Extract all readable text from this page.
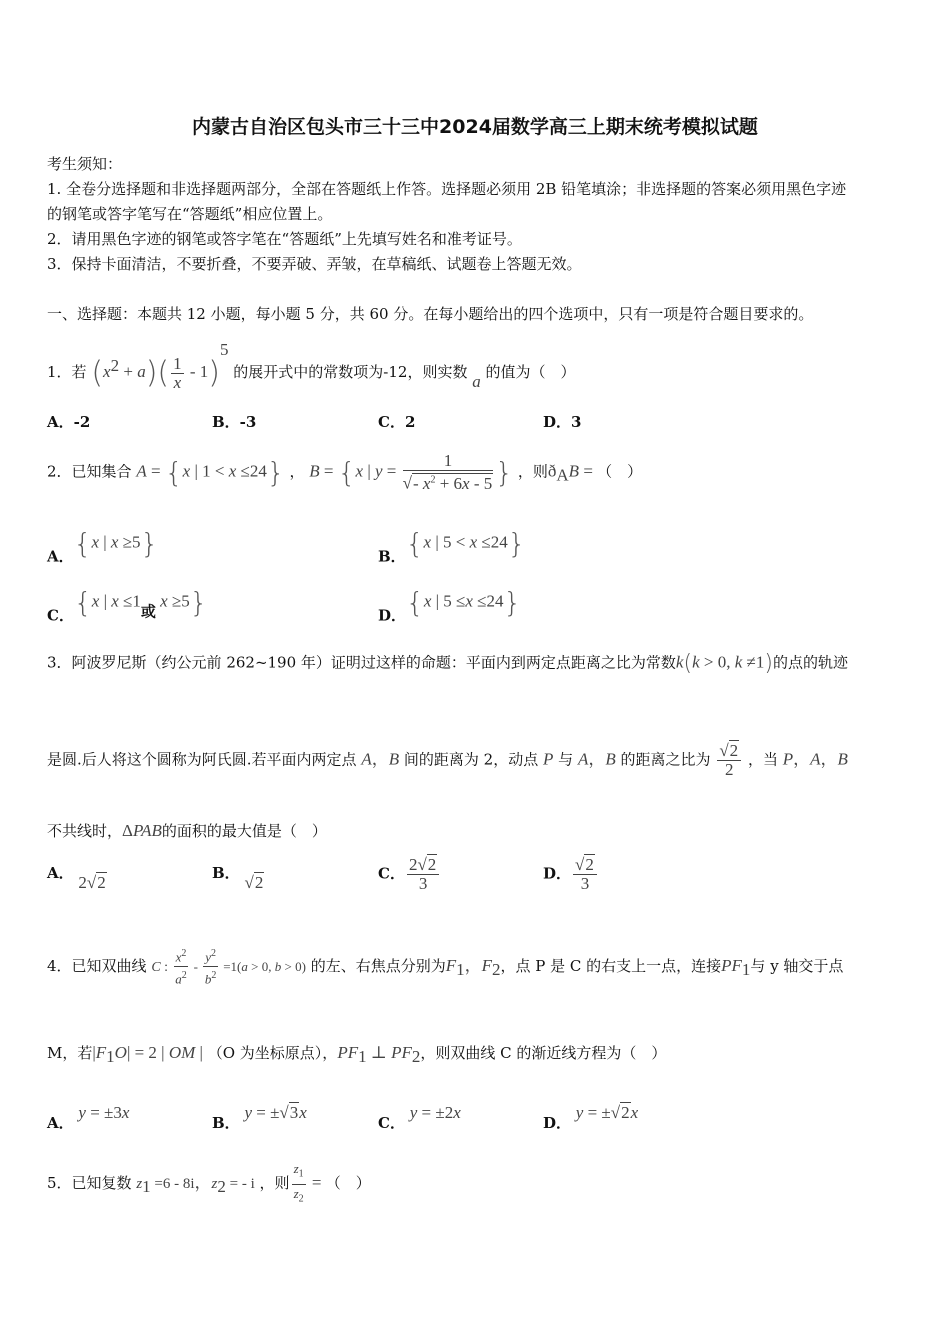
内蒙古自治区包头市三十三中2024届数学高三上期末统考模拟试题
考生须知：
1. 全卷分选择题和非选择题两部分，全部在答题纸上作答。选择题必须用 2B 铅笔填涂；非选择题的答案必须用黑色字迹
的钢笔或答字笔写在“答题纸”相应位置上。
2．请用黑色字迹的钢笔或答字笔在“答题纸”上先填写姓名和准考证号。
3．保持卡面清洁，不要折叠，不要弄破、弄皱，在草稿纸、试题卷上答题无效。
一、选择题：本题共 12 小题，每小题 5 分，共 60 分。在每小题给出的四个选项中，只有一项是符合题目要求的。
1．若 $(x^2 + a)( \frac{1}{x} - 1)^5$ 的展开式中的常数项为-12，则实数 a 的值为（　）
A．-2	B．-3	C．2	D．3
2．已知集合 A = {x | 1 < x ≤24} ， B = {x | $y = \frac{1}{√- x^2 + 6x - 5}$ } ，则$ð_AB$ = （　）
A．{x | x ≥5}	B．{x | 5 < x ≤24}
C．{x | x ≤1或 x ≥5}	D．{x | 5 ≤x ≤24}
3．阿波罗尼斯（约公元前 262~190 年）证明过这样的命题：平面内到两定点距离之比为常数k(k > 0, k ≠1)的点的轨迹
是圆.后人将这个圆称为阿氏圆.若平面内两定点 A，B 间的距离为 2，动点 P 与 A，B 的距离之比为 $\frac{√2}{2}$ ，当 P，A，B
不共线时，ΔPAB的面积的最大值是（　）
A． 2√2	B． √2	C． $\frac{2√2}{3}$	D． $\frac{√2}{3}$
4．已知双曲线 C : $\frac{x^2}{a^2} - \frac{y^2}{b^2} =1(a > 0$, b > 0) 的左、右焦点分别为$F_1$，$F_2$，点 P 是 C 的右支上一点，连接$PF_1$与 y 轴交于点
M，若$|F_1O| = 2$ | OM | （O 为坐标原点），$PF_1$ ⊥ $PF_2$，则双曲线 C 的渐近线方程为（　）
A． y = ±3x
B． y = ±√3x
C． y = ±2x
D． y = ±√2x
5．已知复数 $z_1 =6 - 8i$，$z_2$ = - i ，则 $\frac{z_1}{z_2}$ = （　）
